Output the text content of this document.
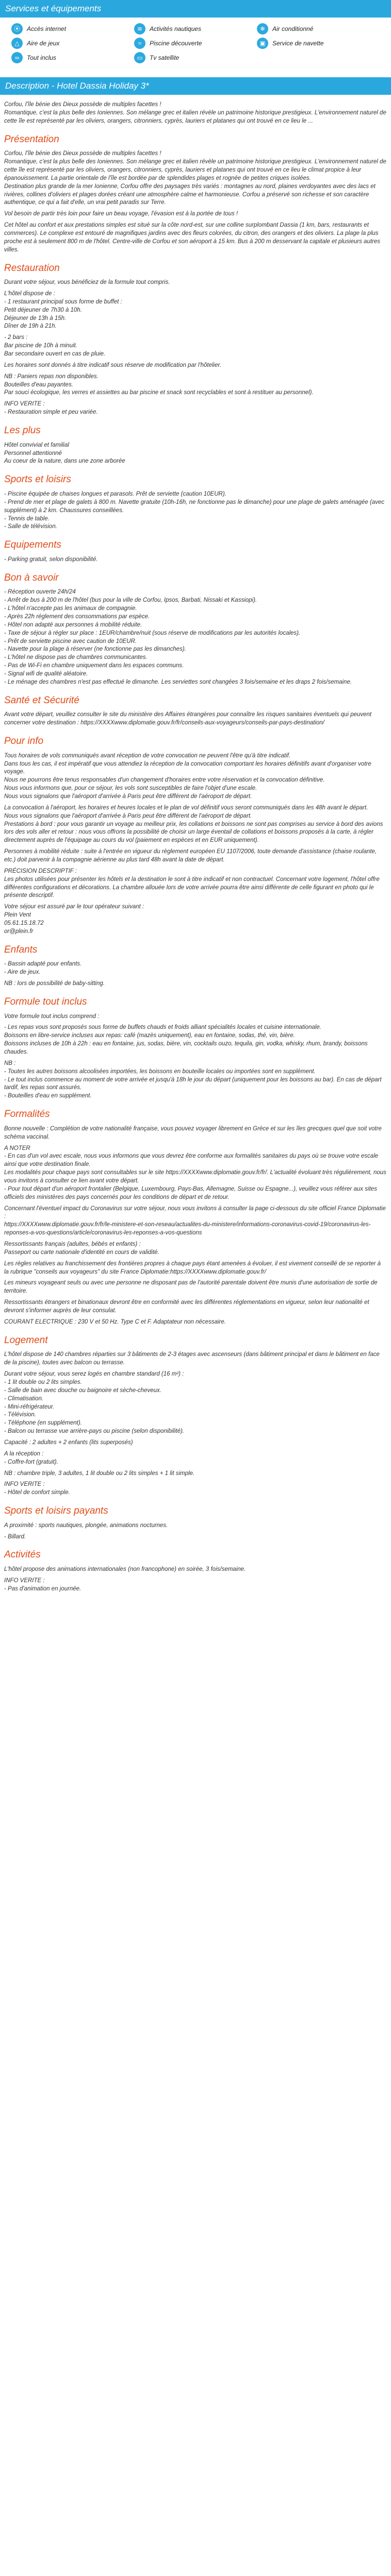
Services et équipements
⦿	Accès internet	≋	Activités nautiques	❄	Air conditionné
△	Aire de jeux	≈	Piscine découverte	▣	Service de navette
∞	Tout inclus	▭	Tv satellite
Description - Hotel Dassia Holiday 3*

Corfou, l'île bénie des Dieux possède de multiples facettes !
Romantique, c'est la plus belle des Ioniennes. Son mélange grec et italien révèle un patrimoine historique prestigieux. L'environnement naturel de cette île est représenté par les oliviers, orangers, citronniers, cyprès, lauriers et platanes qui ont trouvé en ce lieu le ...

Présentation

Corfou, l'île bénie des Dieux possède de multiples facettes !
Romantique, c'est la plus belle des Ioniennes. Son mélange grec et italien révèle un patrimoine historique prestigieux. L'environnement naturel de cette île est représenté par les oliviers, orangers, citronniers, cyprès, lauriers et platanes qui ont trouvé en ce lieu le climat propice à leur épanouissement. La partie orientale de l'île est bordée par de splendides plages et rognée de petites criques isolées.
Destination plus grande de la mer Ionienne, Corfou offre des paysages très variés : montagnes au nord, plaines verdoyantes avec des lacs et rivières, collines d'oliviers et plages dorées créant une atmosphère calme et harmonieuse. Corfou a préservé son richesse et son caractère authentique, ce qui a fait d'elle, un vrai petit paradis sur Terre.

Vol besoin de partir très loin pour faire un beau voyage, l'évasion est à la portée de tous !

Cet hôtel au confort et aux prestations simples est situé sur la côte nord-est, sur une colline surplombant Dassia (1 km, bars, restaurants et commerces). Le complexe est entouré de magnifiques jardins avec des fleurs colorées, du citron, des orangers et des oliviers. La plage la plus proche est à seulement 800 m de l'hôtel. Centre-ville de Corfou et son aéroport à 15 km. Bus à 200 m desservant la capitale et plusieurs autres villes.

Restauration

Durant votre séjour, vous bénéficiez de la formule tout compris.

L'hôtel dispose de :
- 1 restaurant principal sous forme de buffet :
Petit déjeuner de 7h30 à 10h.
Déjeuner de 13h à 15h.
Dîner de 19h à 21h.

- 2 bars :
Bar piscine de 10h à minuit.
Bar secondaire ouvert en cas de pluie.

Les horaires sont donnés à titre indicatif sous réserve de modification par l'hôtelier.

NB : Paniers repas non disponibles.
Bouteilles d'eau payantes.
Par souci écologique, les verres et assiettes au bar piscine et snack sont recyclables et sont à restituer au personnel).

INFO VERITE :
- Restauration simple et peu variée.

Les plus

Hôtel convivial et familial
Personnel attentionné
Au coeur de la nature, dans une zone arborée

Sports et loisirs

- Piscine équipée de chaises longues et parasols. Prêt de serviette (caution 10EUR).
- Prend de mer et plage de galets à 800 m. Navette gratuite (10h-16h, ne fonctionne pas le dimanche) pour une plage de galets aménagée (avec supplément) à 2 km. Chaussures conseillées.
- Tennis de table.
- Salle de télévision.

Equipements

- Parking gratuit, selon disponibilité.

Bon à savoir

- Réception ouverte 24h/24
- Arrêt de bus à 200 m de l'hôtel (bus pour la ville de Corfou, Ipsos, Barbati, Nissaki et Kassiopi).
- L'hôtel n'accepte pas les animaux de compagnie.
- Après 22h réglement des consommations par espèce.
- Hôtel non adapté aux personnes à mobilité réduite.
- Taxe de séjour à régler sur place : 1EUR/chambre/nuit (sous réserve de modifications par les autorités locales).
- Prêt de serviette piscine avec caution de 10EUR.
- Navette pour la plage à réserver (ne fonctionne pas les dimanches).
- L'hôtel ne dispose pas de chambres communicantes.
- Pas de Wi-Fi en chambre uniquement dans les espaces communs.
- Signal wifi de qualité aléatoire.
- Le ménage des chambres n'est pas effectué le dimanche. Les serviettes sont changées 3 fois/semaine et les draps 2 fois/semaine.

Santé et Sécurité

Avant votre départ, veuillez consulter le site du ministère des Affaires étrangères pour connaître les risques sanitaires éventuels qui peuvent concerner votre destination : https://XXXXwww.diplomatie.gouv.fr/fr/conseils-aux-voyageurs/conseils-par-pays-destination/

Pour info

Tous horaires de vols communiqués avant réception de votre convocation ne peuvent l'être qu'à titre indicatif.
Dans tous les cas, il est impératif que vous attendiez la réception de la convocation comportant les horaires définitifs avant d'organiser votre voyage.
Nous ne pourrons être tenus responsables d'un changement d'horaires entre votre réservation et la convocation définitive.
Nous vous informons que, pour ce séjour, les vols sont susceptibles de faire l'objet d'une escale.
Nous vous signalons que l'aéroport d'arrivée à Paris peut être différent de l'aéroport de départ.

La convocation à l'aéroport, les horaires et heures locales et le plan de vol définitif vous seront communiqués dans les 48h avant le départ.
Nous vous signalons que l'aéroport d'arrivée à Paris peut être différent de l'aéroport de départ.
Prestations à bord : pour vous garantir un voyage au meilleur prix, les collations et boissons ne sont pas comprises au service à bord des avions lors des vols aller et retour : nous vous offrons la possibilité de choisir un large éventail de collations et boissons proposés à la carte, à régler directement auprès de l'équipage au cours du vol (paiement en espèces et en EUR uniquement).

Personnes à mobilité réduite : suite à l'entrée en vigueur du règlement européen EU 1107/2006, toute demande d'assistance (chaise roulante, etc.) doit parvenir à la compagnie aérienne au plus tard 48h avant la date de départ.

PRÉCISION DESCRIPTIF :
Les photos utilisées pour présenter les hôtels et la destination le sont à titre indicatif et non contractuel. Concernant votre logement, l'hôtel offre différentes configurations et décorations. La chambre allouée lors de votre arrivée pourra être ainsi différente de celle figurant en photo qui le présente descriptif.

Votre séjour est assuré par le tour opérateur suivant :
Plein Vent
05.61.15.18.72
or@plein.fr

Enfants

- Bassin adapté pour enfants.
- Aire de jeux.

NB : lors de possibilité de baby-sitting.

Formule tout inclus

Votre formule tout inclus comprend :

- Les repas vous sont proposés sous forme de buffets chauds et froids alliant spécialités locales et cuisine internationale.
Boissons en libre-service incluses aux repas: café (mazès uniquement), eau en fontaine, sodas, thé, vin, bière.
Boissons incluses de 10h à 22h : eau en fontaine, jus, sodas, bière, vin, cocktails ouzo, tequila, gin, vodka, whisky, rhum, brandy, boissons chaudes.

NB :
- Toutes les autres boissons alcoolisées importées, les boissons en bouteille locales ou importées sont en supplément.
- Le tout inclus commence au moment de votre arrivée et jusqu'à 18h le jour du départ (uniquement pour les boissons au bar). En cas de départ tardif, les repas sont assurés.
- Bouteilles d'eau en supplément.

Formalités

Bonne nouvelle : Complétion de votre nationalité française, vous pouvez voyager librement en Grèce et sur les îles grecques quel que soit votre schéma vaccinal.

A NOTER
- En cas d'un vol avec escale, nous vous informons que vous devrez être conforme aux formalités sanitaires du pays où se trouve votre escale ainsi que votre destination finale.
Les modalités pour chaque pays sont consultables sur le site https://XXXXwww.diplomatie.gouv.fr/fr/. L'actualité évoluant très régulièrement, nous vous invitons à consulter ce lien avant votre départ.
- Pour tout départ d'un aéroport frontalier (Belgique, Luxembourg, Pays-Bas, Allemagne, Suisse ou Espagne...), veuillez vous référer aux sites officiels des ministères des pays concernés pour les conditions de départ et de retour.

Concernant l'éventuel impact du Coronavirus sur votre séjour, nous vous invitons à consulter la page ci-dessous du site officiel France Diplomatie :
https://XXXXwww.diplomatie.gouv.fr/fr/le-ministere-et-son-reseau/actualites-du-ministere/informations-coronavirus-covid-19/coronavirus-les-reponses-a-vos-questions/article/coronavirus-les-reponses-a-vos-questions

Ressortissants français (adultes, bébés et enfants) :
Passeport ou carte nationale d'identité en cours de validité.

Les règles relatives au franchissement des frontières propres à chaque pays étant amenées à évoluer, il est vivement conseillé de se reporter à la rubrique "conseils aux voyageurs" du site France Diplomatie:https://XXXXwww.diplomatie.gouv.fr/

Les mineurs voyageant seuls ou avec une personne ne disposant pas de l'autorité parentale doivent être munis d'une autorisation de sortie de territoire.

Ressortissants étrangers et binationaux devront être en conformité avec les différentes réglementations en vigueur, selon leur nationalité et devront s'informer auprès de leur consulat.

COURANT ELECTRIQUE : 230 V et 50 Hz. Type C et F. Adaptateur non nécessaire.

Logement

L'hôtel dispose de 140 chambres réparties sur 3 bâtiments de 2-3 étages avec ascenseurs (dans bâtiment principal et dans le bâtiment en face de la piscine), toutes avec balcon ou terrasse.

Durant votre séjour, vous serez logés en chambre standard (16 m²) :
- 1 lit double ou 2 lits simples.
- Salle de bain avec douche ou baignoire et sèche-cheveux.
- Climatisation.
- Mini-réfrigérateur.
- Télévision.
- Téléphone (en supplément).
- Balcon ou terrasse vue arrière-pays ou piscine (selon disponibilité).

Capacité : 2 adultes + 2 enfants (lits superposés)

A la réception :
- Coffre-fort (gratuit).

NB : chambre triple, 3 adultes, 1 lit double ou 2 lits simples + 1 lit simple.

INFO VERITE :
- Hôtel de confort simple.

Sports et loisirs payants

A proximité : sports nautiques, plongée, animations nocturnes.

- Billard.

Activités

L'hôtel propose des animations internationales (non francophone) en soirée, 3 fois/semaine.

INFO VERITE :
- Pas d'animation en journée.
